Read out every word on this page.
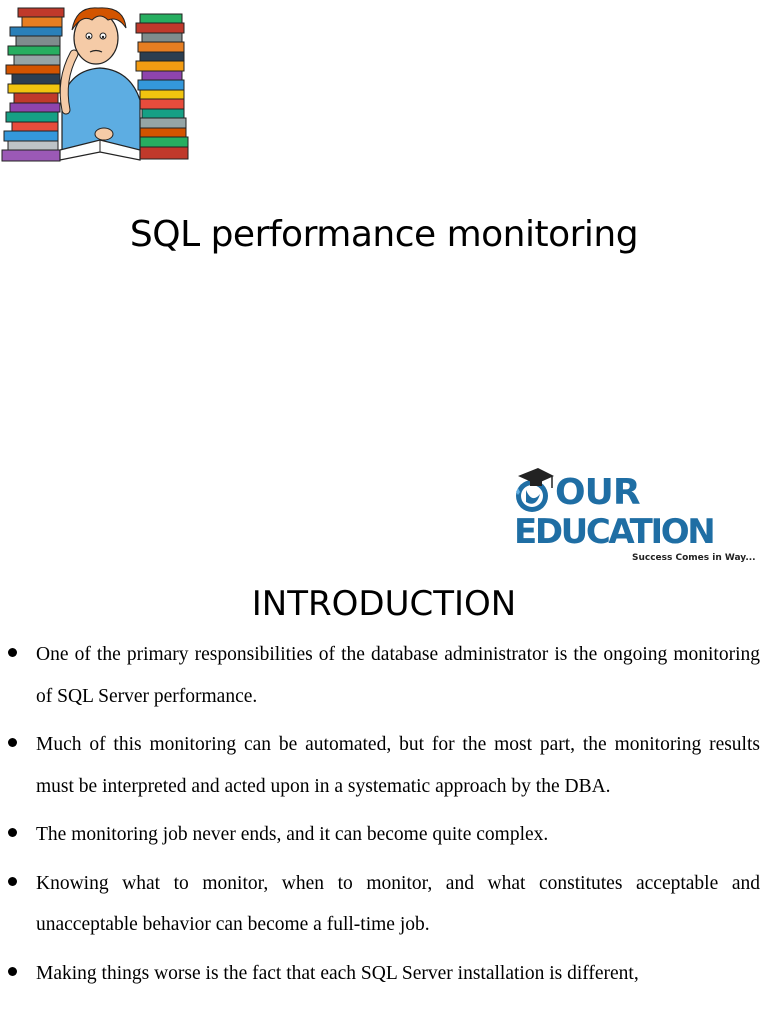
SQL performance monitoring
OUR
EDUCATION
Success Comes in Way...
INTRODUCTION
One of the primary responsibilities of the database administrator is the ongoing monitoring of SQL Server performance.
Much of this monitoring can be automated, but for the most part, the monitoring results must be interpreted and acted upon in a systematic approach by the DBA.
The monitoring job never ends, and it can become quite complex.
Knowing what to monitor, when to monitor, and what constitutes acceptable and unacceptable behavior can become a full-time job.
Making things worse is the fact that each SQL Server installation is different,
